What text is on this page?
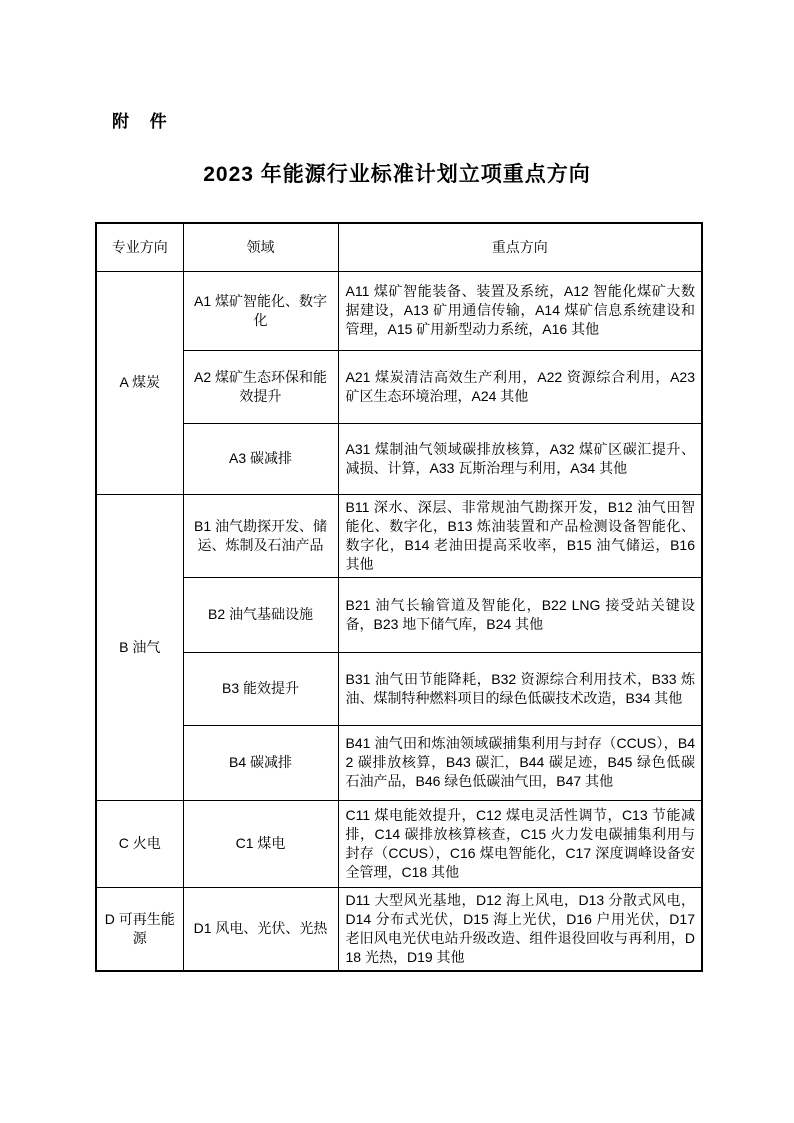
附 件
2023 年能源行业标准计划立项重点方向
专业方向	领域	重点方向
A 煤炭	A1 煤矿智能化、数字化	A11 煤矿智能装备、装置及系统，A12 智能化煤矿大数据建设，A13 矿用通信传输，A14 煤矿信息系统建设和管理，A15 矿用新型动力系统，A16 其他
	A2 煤矿生态环保和能效提升	A21 煤炭清洁高效生产利用，A22 资源综合利用，A23 矿区生态环境治理，A24 其他
	A3 碳减排	A31 煤制油气领域碳排放核算，A32 煤矿区碳汇提升、减损、计算，A33 瓦斯治理与利用，A34 其他
B 油气	B1 油气勘探开发、储运、炼制及石油产品	B11 深水、深层、非常规油气勘探开发，B12 油气田智能化、数字化，B13 炼油装置和产品检测设备智能化、数字化，B14 老油田提高采收率，B15 油气储运，B16 其他
	B2 油气基础设施	B21 油气长输管道及智能化，B22 LNG 接受站关键设备，B23 地下储气库，B24 其他
	B3 能效提升	B31 油气田节能降耗，B32 资源综合利用技术，B33 炼油、煤制特种燃料项目的绿色低碳技术改造，B34 其他
	B4 碳减排	B41 油气田和炼油领域碳捕集利用与封存（CCUS），B42 碳排放核算，B43 碳汇，B44 碳足迹，B45 绿色低碳石油产品，B46 绿色低碳油气田，B47 其他
C 火电	C1 煤电	C11 煤电能效提升，C12 煤电灵活性调节，C13 节能减排，C14 碳排放核算核查，C15 火力发电碳捕集利用与封存（CCUS），C16 煤电智能化，C17 深度调峰设备安全管理，C18 其他
D 可再生能源	D1 风电、光伏、光热	D11 大型风光基地，D12 海上风电，D13 分散式风电，D14 分布式光伏，D15 海上光伏，D16 户用光伏，D17 老旧风电光伏电站升级改造、组件退役回收与再利用，D18 光热，D19 其他
